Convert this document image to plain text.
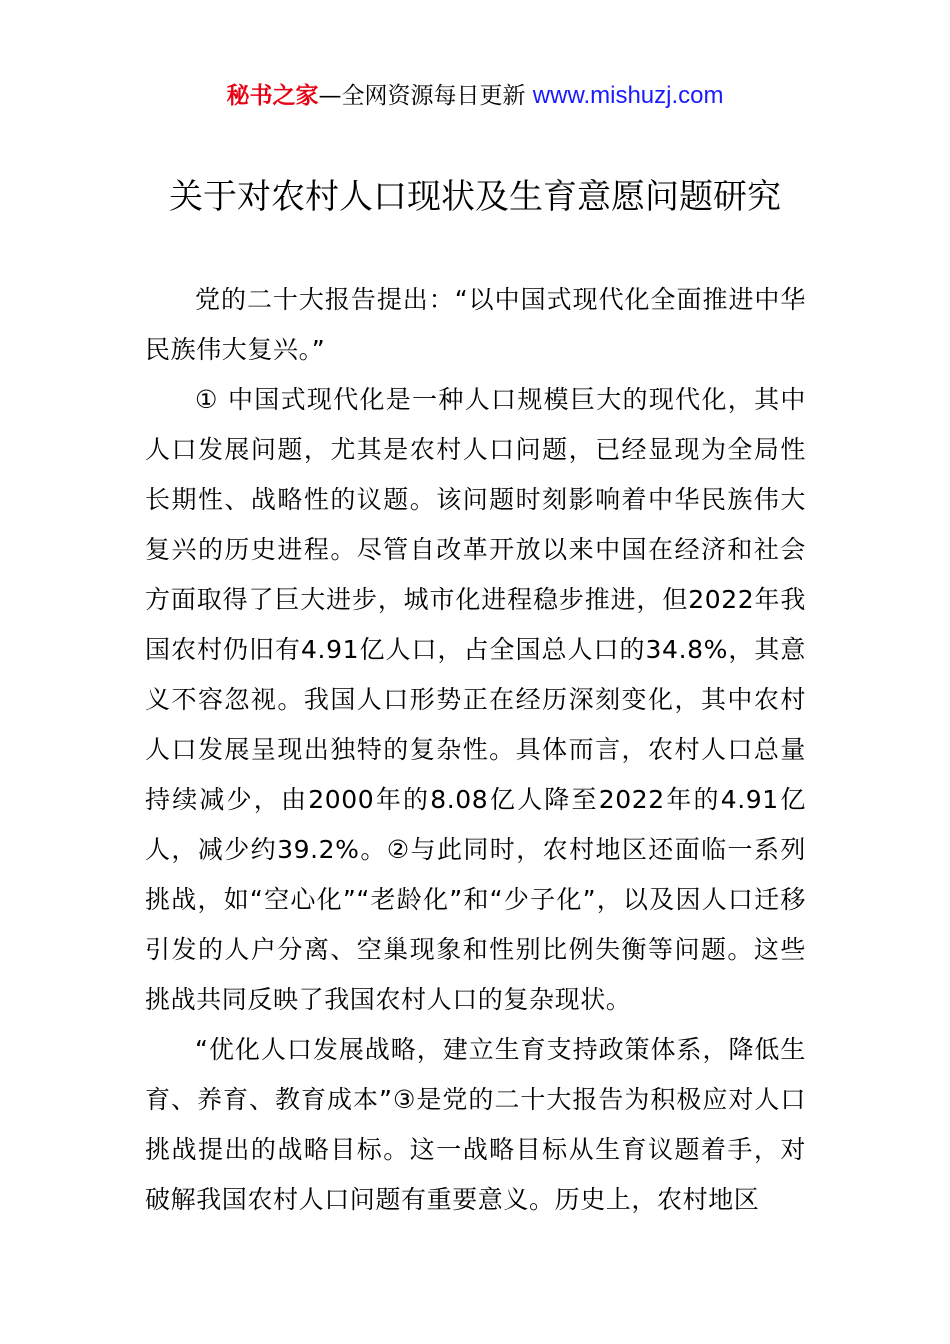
秘书之家—全网资源每日更新 www.mishuzj.com
关于对农村人口现状及生育意愿问题研究

党的二十大报告提出：“以中国式现代化全面推进中华民族伟大复兴。”

① 中国式现代化是一种人口规模巨大的现代化，其中人口发展问题，尤其是农村人口问题，已经显现为全局性长期性、战略性的议题。该问题时刻影响着中华民族伟大复兴的历史进程。尽管自改革开放以来中国在经济和社会方面取得了巨大进步，城市化进程稳步推进，但2022年我国农村仍旧有4.91亿人口，占全国总人口的34.8%，其意义不容忽视。我国人口形势正在经历深刻变化，其中农村人口发展呈现出独特的复杂性。具体而言，农村人口总量持续减少，由2000年的8.08亿人降至2022年的4.91亿人，减少约39.2%。②与此同时，农村地区还面临一系列挑战，如“空心化”“老龄化”和“少子化”，以及因人口迁移引发的人户分离、空巢现象和性别比例失衡等问题。这些挑战共同反映了我国农村人口的复杂现状。

“优化人口发展战略，建立生育支持政策体系，降低生育、养育、教育成本”③是党的二十大报告为积极应对人口挑战提出的战略目标。这一战略目标从生育议题着手，对破解我国农村人口问题有重要意义。历史上，农村地区
